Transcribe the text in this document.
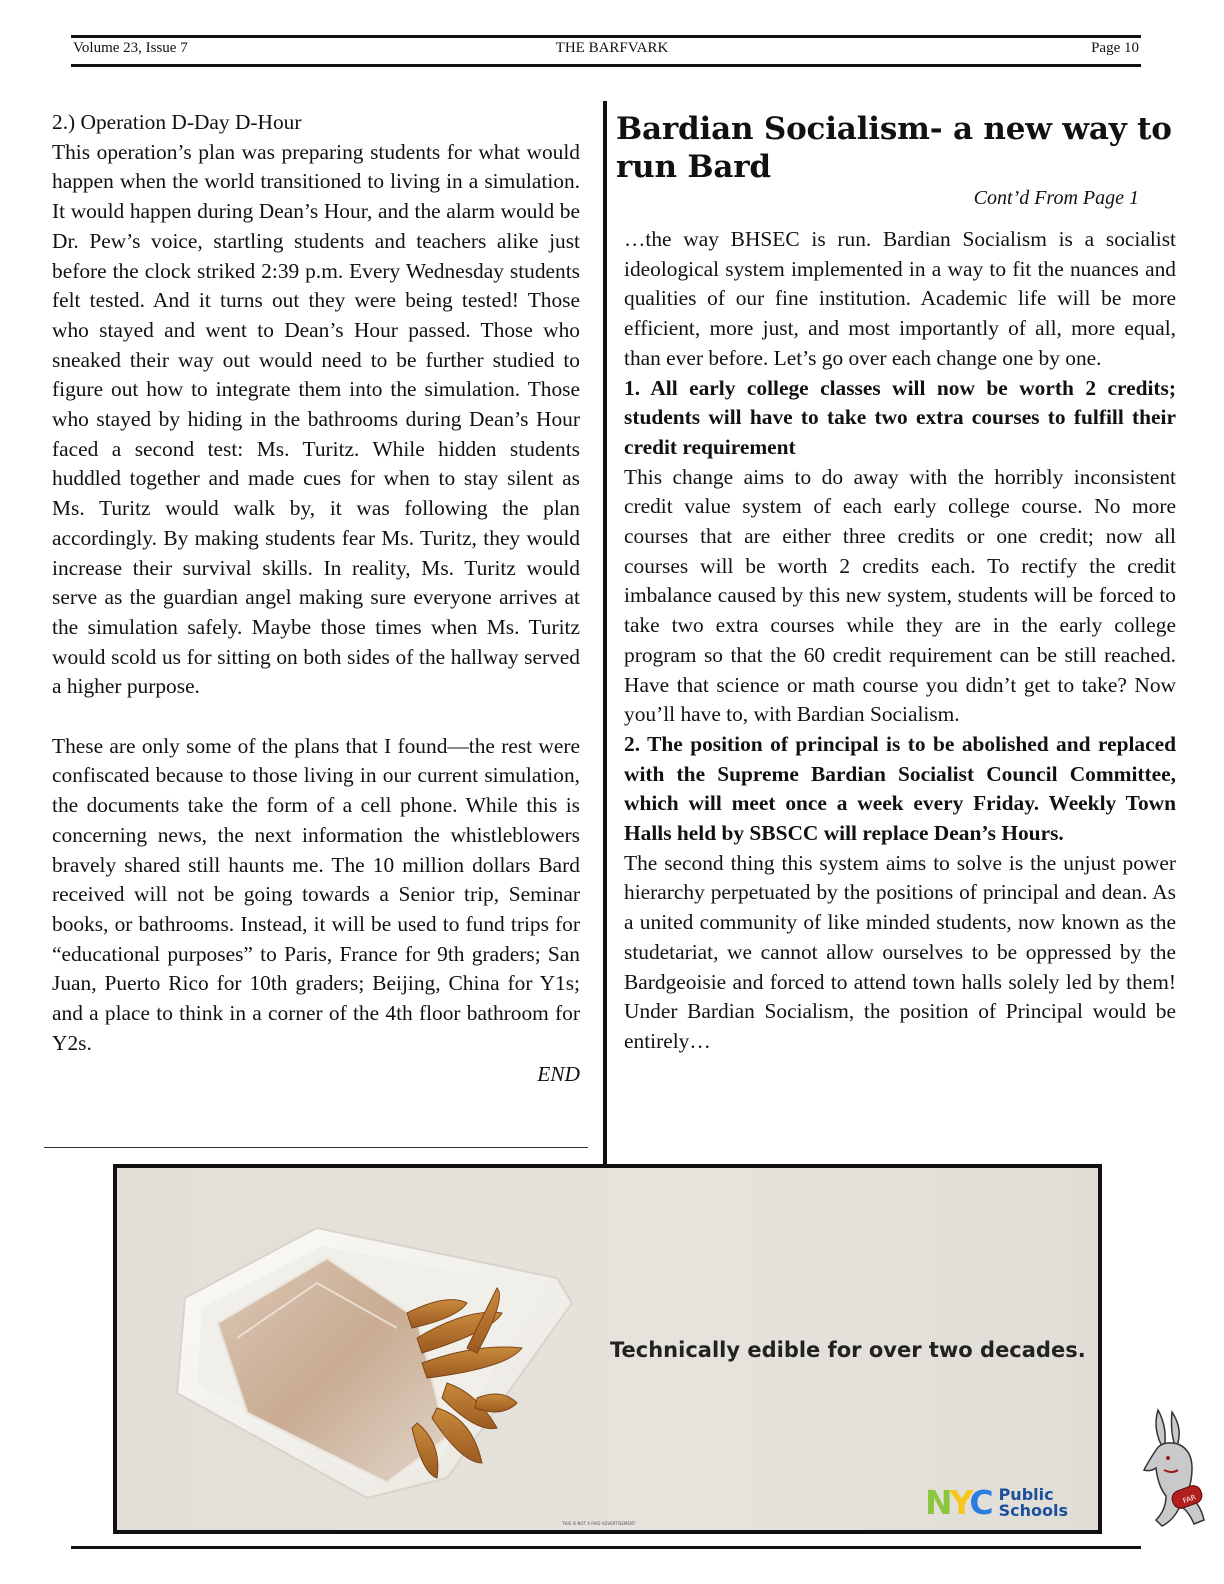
Volume 23, Issue 7	THE BARFVARK	Page 10

2.) Operation D-Day D-Hour

This operation’s plan was preparing students for what would happen when the world transitioned to living in a simulation. It would happen during Dean’s Hour, and the alarm would be Dr. Pew’s voice, startling students and teachers alike just before the clock striked 2:39 p.m. Every Wednesday students felt tested. And it turns out they were being tested! Those who stayed and went to Dean’s Hour passed. Those who sneaked their way out would need to be further studied to figure out how to integrate them into the simulation. Those who stayed by hiding in the bathrooms during Dean’s Hour faced a second test: Ms. Turitz. While hidden students huddled together and made cues for when to stay silent as Ms. Turitz would walk by, it was following the plan accordingly. By making students fear Ms. Turitz, they would increase their survival skills. In reality, Ms. Turitz would serve as the guardian angel making sure everyone arrives at the simulation safely. Maybe those times when Ms. Turitz would scold us for sitting on both sides of the hallway served a higher purpose.

These are only some of the plans that I found—the rest were confiscated because to those living in our current simulation, the documents take the form of a cell phone. While this is concerning news, the next information the whistleblowers bravely shared still haunts me. The 10 million dollars Bard received will not be going towards a Senior trip, Seminar books, or bathrooms. Instead, it will be used to fund trips for “educational purposes” to Paris, France for 9th graders; San Juan, Puerto Rico for 10th graders; Beijing, China for Y1s; and a place to think in a corner of the 4th floor bathroom for Y2s.

END
Bardian Socialism- a new way to run Bard
Cont’d From Page 1

…the way BHSEC is run. Bardian Socialism is a socialist ideological system implemented in a way to fit the nuances and qualities of our fine institution. Academic life will be more efficient, more just, and most importantly of all, more equal, than ever before. Let’s go over each change one by one.

1. All early college classes will now be worth 2 credits; students will have to take two extra courses to fulfill their credit requirement

This change aims to do away with the horribly inconsistent credit value system of each early college course. No more courses that are either three credits or one credit; now all courses will be worth 2 credits each. To rectify the credit imbalance caused by this new system, students will be forced to take two extra courses while they are in the early college program so that the 60 credit requirement can be still reached. Have that science or math course you didn’t get to take? Now you’ll have to, with Bardian Socialism.

2. The position of principal is to be abolished and replaced with the Supreme Bardian Socialist Council Committee, which will meet once a week every Friday. Weekly Town Halls held by SBSCC will replace Dean’s Hours.

The second thing this system aims to solve is the unjust power hierarchy perpetuated by the positions of principal and dean. As a united community of like minded students, now known as the studetariat, we cannot allow ourselves to be oppressed by the Bardgeoisie and forced to attend town halls solely led by them! Under Bardian Socialism, the position of Principal would be entirely…

Technically edible for over two decades.
NYC Public
Schools
THIS IS NOT A PAID ADVERTISEMENT
FAR
